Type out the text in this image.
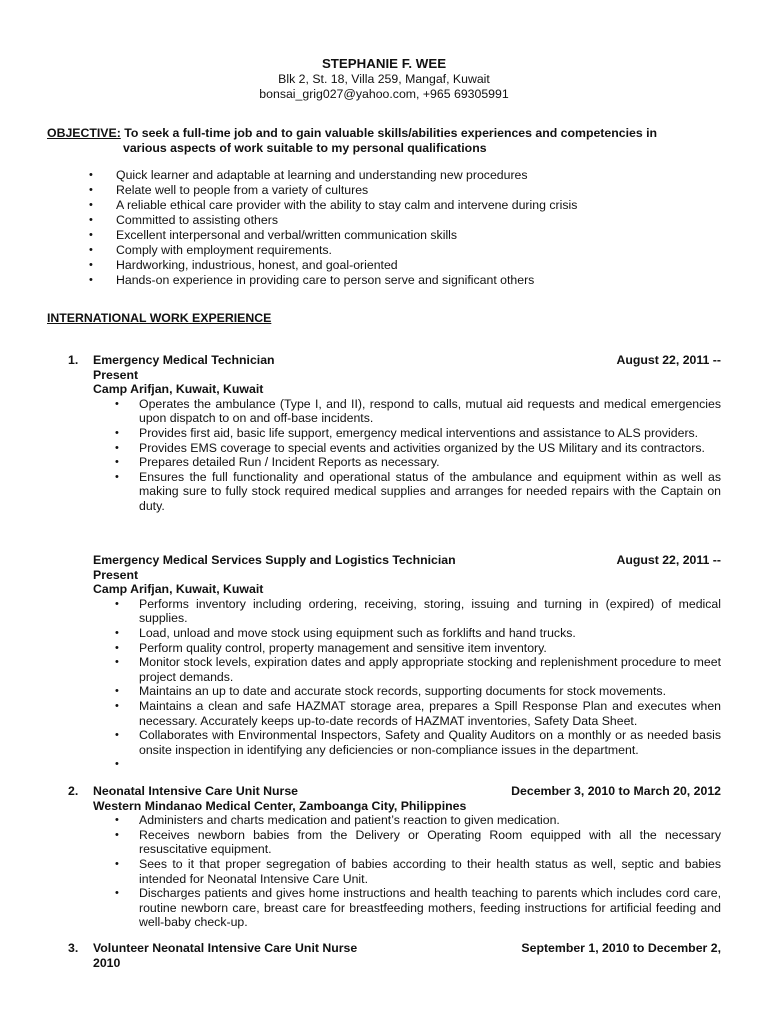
STEPHANIE F. WEE
Blk 2, St. 18, Villa 259, Mangaf, Kuwait
bonsai_grig027@yahoo.com, +965 69305991
OBJECTIVE: To seek a full-time job and to gain valuable skills/abilities experiences and competencies in
various aspects of work suitable to my personal qualifications
• Quick learner and adaptable at learning and understanding new procedures
• Relate well to people from a variety of cultures
• A reliable ethical care provider with the ability to stay calm and intervene during crisis
• Committed to assisting others
• Excellent interpersonal and verbal/written communication skills
• Comply with employment requirements.
• Hardworking, industrious, honest, and goal-oriented
• Hands-on experience in providing care to person serve and significant others
INTERNATIONAL WORK EXPERIENCE
1.	Emergency Medical Technician	August 22, 2011 --
Present
Camp Arifjan, Kuwait, Kuwait
• Operates the ambulance (Type I, and II), respond to calls, mutual aid requests and medical emergencies upon dispatch to on and off-base incidents.
• Provides first aid, basic life support, emergency medical interventions and assistance to ALS providers.
• Provides EMS coverage to special events and activities organized by the US Military and its contractors.
• Prepares detailed Run / Incident Reports as necessary.
• Ensures the full functionality and operational status of the ambulance and equipment within as well as making sure to fully stock required medical supplies and arranges for needed repairs with the Captain on duty.
Emergency Medical Services Supply and Logistics Technician	August 22, 2011 --
Present
Camp Arifjan, Kuwait, Kuwait
• Performs inventory including ordering, receiving, storing, issuing and turning in (expired) of medical supplies.
• Load, unload and move stock using equipment such as forklifts and hand trucks.
• Perform quality control, property management and sensitive item inventory.
• Monitor stock levels, expiration dates and apply appropriate stocking and replenishment procedure to meet project demands.
• Maintains an up to date and accurate stock records, supporting documents for stock movements.
• Maintains a clean and safe HAZMAT storage area, prepares a Spill Response Plan and executes when necessary. Accurately keeps up-to-date records of HAZMAT inventories, Safety Data Sheet.
• Collaborates with Environmental Inspectors, Safety and Quality Auditors on a monthly or as needed basis onsite inspection in identifying any deficiencies or non-compliance issues in the department.
•
2.	Neonatal Intensive Care Unit Nurse	December 3, 2010 to March 20, 2012
Western Mindanao Medical Center, Zamboanga City, Philippines
• Administers and charts medication and patient’s reaction to given medication.
• Receives newborn babies from the Delivery or Operating Room equipped with all the necessary resuscitative equipment.
• Sees to it that proper segregation of babies according to their health status as well, septic and babies intended for Neonatal Intensive Care Unit.
• Discharges patients and gives home instructions and health teaching to parents which includes cord care, routine newborn care, breast care for breastfeeding mothers, feeding instructions for artificial feeding and well-baby check-up.
3.	Volunteer Neonatal Intensive Care Unit Nurse	September 1, 2010 to December 2,
2010
